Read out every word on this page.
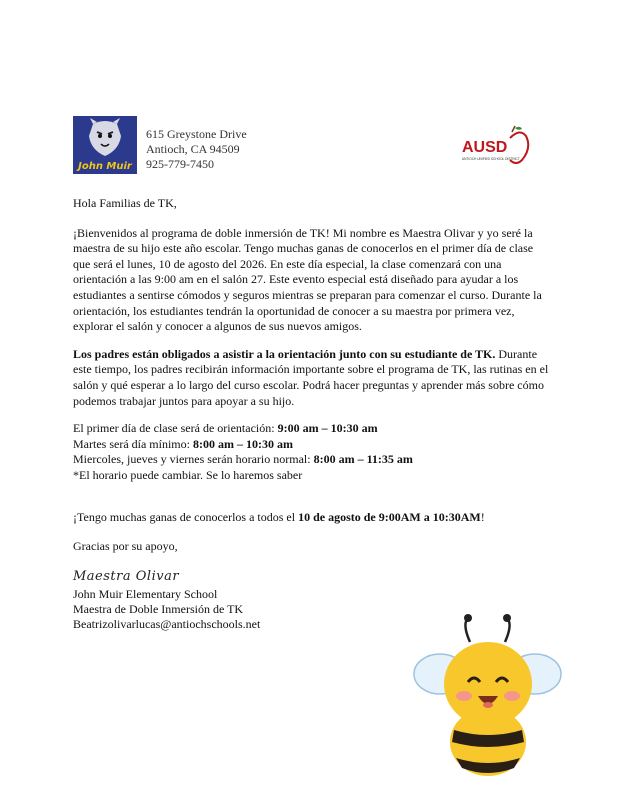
John Muir
615 Greystone Drive
Antioch, CA 94509
925-779-7450
AUSD
ANTIOCH UNIFIED SCHOOL DISTRICT

Hola Familias de TK,

¡Bienvenidos al programa de doble inmersión de TK! Mi nombre es Maestra Olivar y yo seré la maestra de su hijo este año escolar. Tengo muchas ganas de conocerlos en el primer día de clase que será el lunes, 10 de agosto del 2026. En este día especial, la clase comenzará con una orientación a las 9:00 am en el salón 27. Este evento especial está diseñado para ayudar a los estudiantes a sentirse cómodos y seguros mientras se preparan para comenzar el curso. Durante la orientación, los estudiantes tendrán la oportunidad de conocer a su maestra por primera vez, explorar el salón y conocer a algunos de sus nuevos amigos.

Los padres están obligados a asistir a la orientación junto con su estudiante de TK. Durante este tiempo, los padres recibirán información importante sobre el programa de TK, las rutinas en el salón y qué esperar a lo largo del curso escolar. Podrá hacer preguntas y aprender más sobre cómo podemos trabajar juntos para apoyar a su hijo.

El primer día de clase será de orientación: 9:00 am – 10:30 am
Martes será día mínimo: 8:00 am – 10:30 am
Miercoles, jueves y viernes serán horario normal: 8:00 am – 11:35 am
*El horario puede cambiar. Se lo haremos saber

¡Tengo muchas ganas de conocerlos a todos el 10 de agosto de 9:00AM a 10:30AM!

Gracias por su apoyo,

Maestra Olivar
John Muir Elementary School
Maestra de Doble Inmersión de TK
Beatrizolivarlucas@antiochschools.net
